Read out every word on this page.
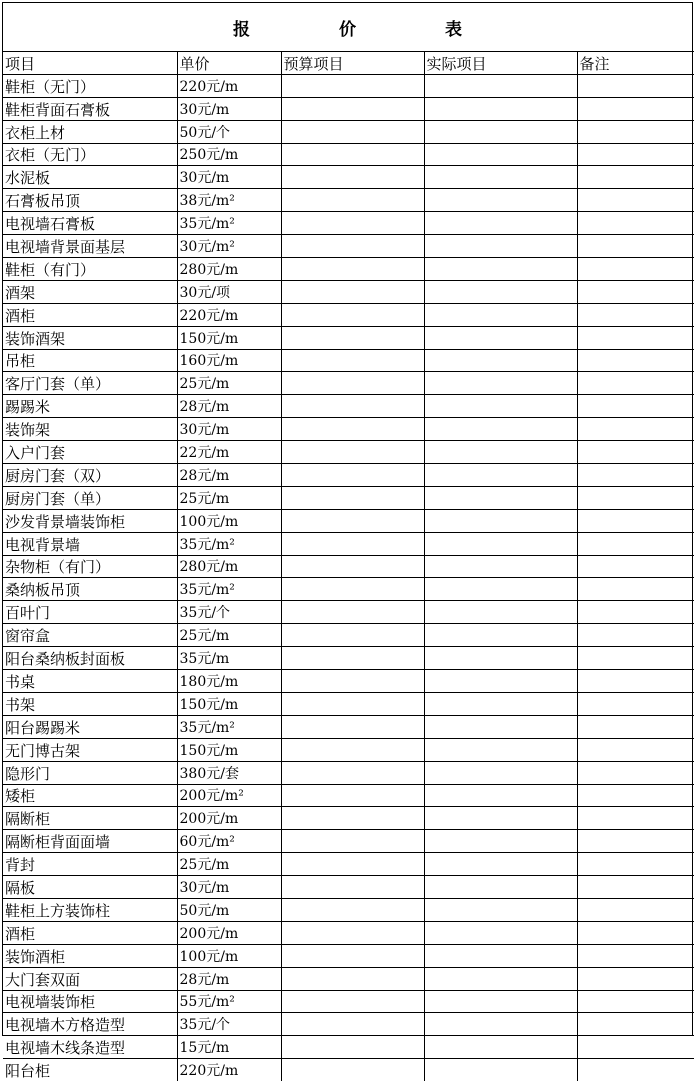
报　价　表
项目	单价	预算项目	实际项目	备注
鞋柜（无门）	220元/m			
鞋柜背面石膏板	30元/m			
衣柜上材	50元/个			
衣柜（无门）	250元/m			
水泥板	30元/m			
石膏板吊顶	38元/m²			
电视墙石膏板	35元/m²			
电视墙背景面基层	30元/m²			
鞋柜（有门）	280元/m			
酒架	30元/项			
酒柜	220元/m			
装饰酒架	150元/m			
吊柜	160元/m			
客厅门套（单）	25元/m			
踢踢米	28元/m			
装饰架	30元/m			
入户门套	22元/m			
厨房门套（双）	28元/m			
厨房门套（单）	25元/m			
沙发背景墙装饰柜	100元/m			
电视背景墙	35元/m²			
杂物柜（有门）	280元/m			
桑纳板吊顶	35元/m²			
百叶门	35元/个			
窗帘盒	25元/m			
阳台桑纳板封面板	35元/m			
书桌	180元/m			
书架	150元/m			
阳台踢踢米	35元/m²			
无门博古架	150元/m			
隐形门	380元/套			
矮柜	200元/m²			
隔断柜	200元/m			
隔断柜背面面墙	60元/m²			
背封	25元/m			
隔板	30元/m			
鞋柜上方装饰柱	50元/m			
酒柜	200元/m			
装饰酒柜	100元/m			
大门套双面	28元/m			
电视墙装饰柜	55元/m²			
电视墙木方格造型	35元/个			
电视墙木线条造型	15元/m			
阳台柜	220元/m			
